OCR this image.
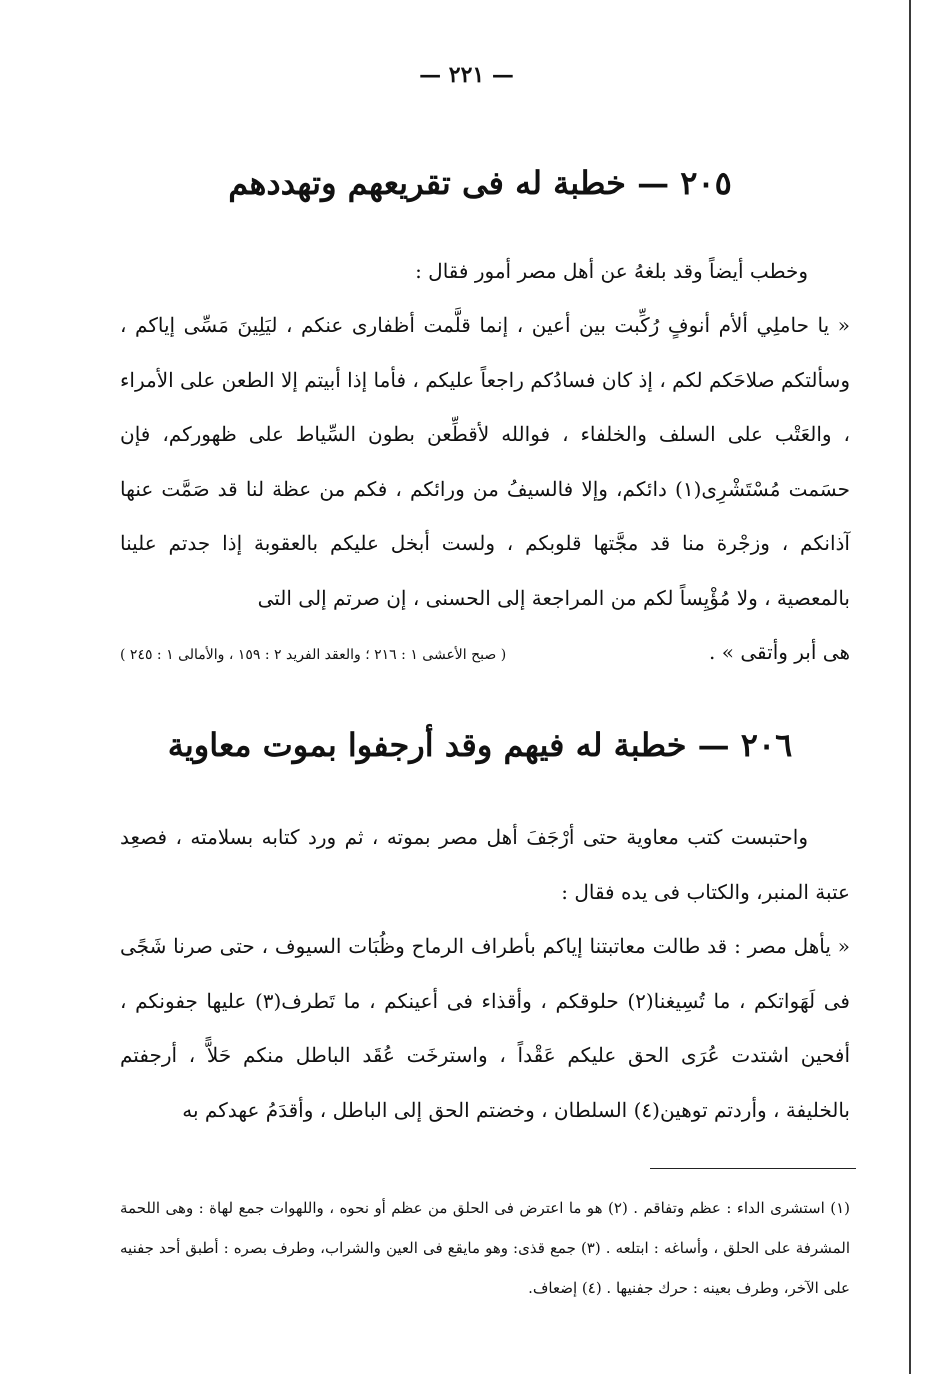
— ٢٢١ —
٢٠٥ — خطبة له فى تقريعهم وتهددهم

وخطب أيضاً وقد بلغهُ عن أهل مصر أمور فقال :

« يا حاملِي ألأم أنوفٍ رُكِّبت بين أعين ، إنما قلَّمت أظفارى عنكم ، ليَلِينَ مَسِّى إياكم ، وسألتكم صلاحَكم لكم ، إذ كان فسادُكم راجعاً عليكم ، فأما إذا أبيتم إلا الطعن على الأمراء ، والعَتْب على السلف والخلفاء ، فوالله لأقطِّعن بطون السِّياط على ظهوركم، فإن حسَمت مُسْتَشْرِى(١) دائكم، وإلا فالسيفُ من ورائكم ، فكم من عظة لنا قد صَمَّت عنها آذانكم ، وزجْرة منا قد مجَّتها قلوبكم ، ولست أبخل عليكم بالعقوبة إذا جدتم علينا بالمعصية ، ولا مُؤْيِساً لكم من المراجعة إلى الحسنى ، إن صرتم إلى التى
هى أبر وأتقى » .
( صبح الأعشى ١ : ٢١٦ ؛ والعقد الفريد ٢ : ١٥٩ ، والأمالى ١ : ٢٤٥ )
٢٠٦ — خطبة له فيهم وقد أرجفوا بموت معاوية

واحتبست كتب معاوية حتى أرْجَفَ أهل مصر بموته ، ثم ورد كتابه بسلامته ، فصعِد عتبة المنبر، والكتاب فى يده فقال :

« يأهل مصر : قد طالت معاتبتنا إياكم بأطراف الرماح وظُبَات السيوف ، حتى صرنا شَجًى فى لَهَواتكم ، ما تُسِيغنا(٢) حلوقكم ، وأقذاء فى أعينكم ، ما تَطرف(٣) عليها جفونكم ، أفحين اشتدت عُرَى الحق عليكم عَقْداً ، واسترخَت عُقَد الباطل منكم حَلاًّ ، أرجفتم بالخليفة ، وأردتم توهين(٤) السلطان ، وخضتم الحق إلى الباطل ، وأقدَمُ عهدكم به

(١) استشرى الداء : عظم وتفاقم . (٢) هو ما اعترض فى الحلق من عظم أو نحوه ، واللهوات جمع لهاة : وهى اللحمة المشرفة على الحلق ، وأساغه : ابتلعه . (٣) جمع قذى: وهو مايقع فى العين والشراب، وطرف بصره : أطبق أحد جفنيه على الآخر، وطرف بعينه : حرك جفنيها . (٤) إضعاف.
